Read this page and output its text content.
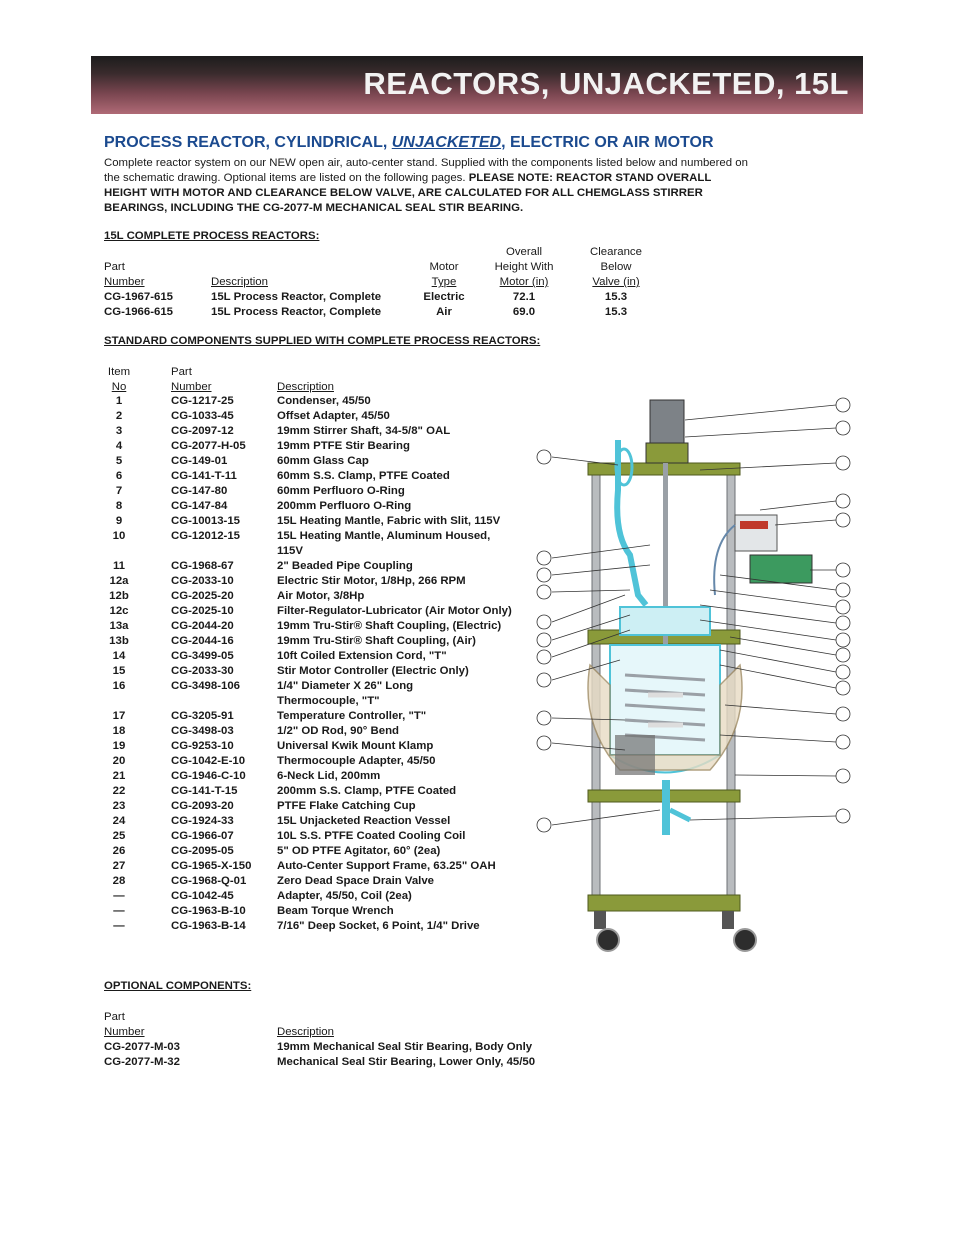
REACTORS, UNJACKETED, 15L
PROCESS REACTOR, CYLINDRICAL, UNJACKETED, ELECTRIC OR AIR MOTOR
Complete reactor system on our NEW open air, auto-center stand. Supplied with the components listed below and numbered on the schematic drawing. Optional items are listed on the following pages. PLEASE NOTE: REACTOR STAND OVERALL HEIGHT WITH MOTOR AND CLEARANCE BELOW VALVE, ARE CALCULATED FOR ALL CHEMGLASS STIRRER BEARINGS, INCLUDING THE CG-2077-M MECHANICAL SEAL STIR BEARING.
15L COMPLETE PROCESS REACTORS:
Part
Number	Description
Motor
Type
Overall
Height With
Motor (in)
Clearance
Below
Valve (in)
CG-1967-615	15L Process Reactor, Complete	Electric	72.1	15.3
CG-1966-615	15L Process Reactor, Complete	Air	69.0	15.3
STANDARD COMPONENTS SUPPLIED WITH COMPLETE PROCESS REACTORS:
Item
No
Part
Number	Description
1	CG-1217-25	Condenser, 45/50
2	CG-1033-45	Offset Adapter, 45/50
3	CG-2097-12	19mm Stirrer Shaft, 34-5/8" OAL
4	CG-2077-H-05	19mm PTFE Stir Bearing
5	CG-149-01	60mm Glass Cap
6	CG-141-T-11	60mm S.S. Clamp, PTFE Coated
7	CG-147-80	60mm Perfluoro O-Ring
8	CG-147-84	200mm Perfluoro O-Ring
9	CG-10013-15	15L Heating Mantle, Fabric with Slit, 115V
10	CG-12012-15	15L Heating Mantle, Aluminum Housed,
115V
11	CG-1968-67	2" Beaded Pipe Coupling
12a	CG-2033-10	Electric Stir Motor, 1/8Hp, 266 RPM
12b	CG-2025-20	Air Motor, 3/8Hp
12c	CG-2025-10	Filter-Regulator-Lubricator (Air Motor Only)
13a	CG-2044-20	19mm Tru-Stir® Shaft Coupling, (Electric)
13b	CG-2044-16	19mm Tru-Stir® Shaft Coupling, (Air)
14	CG-3499-05	10ft Coiled Extension Cord, "T"
15	CG-2033-30	Stir Motor Controller (Electric Only)
16	CG-3498-106	1/4" Diameter X 26" Long
Thermocouple, "T"
17	CG-3205-91	Temperature Controller, "T"
18	CG-3498-03	1/2" OD Rod, 90° Bend
19	CG-9253-10	Universal Kwik Mount Klamp
20	CG-1042-E-10	Thermocouple Adapter, 45/50
21	CG-1946-C-10	6-Neck Lid, 200mm
22	CG-141-T-15	200mm S.S. Clamp, PTFE Coated
23	CG-2093-20	PTFE Flake Catching Cup
24	CG-1924-33	15L Unjacketed Reaction Vessel
25	CG-1966-07	10L S.S. PTFE Coated Cooling Coil
26	CG-2095-05	5" OD PTFE Agitator, 60° (2ea)
27	CG-1965-X-150 Auto-Center Support Frame, 63.25" OAH
28	CG-1968-Q-01	Zero Dead Space Drain Valve
—	CG-1042-45	Adapter, 45/50, Coil (2ea)
—	CG-1963-B-10	Beam Torque Wrench
—	CG-1963-B-14	7/16" Deep Socket, 6 Point, 1/4" Drive
OPTIONAL COMPONENTS:
Part
Number	Description
CG-2077-M-03	19mm Mechanical Seal Stir Bearing, Body Only
CG-2077-M-32	Mechanical Seal Stir Bearing, Lower Only, 45/50
